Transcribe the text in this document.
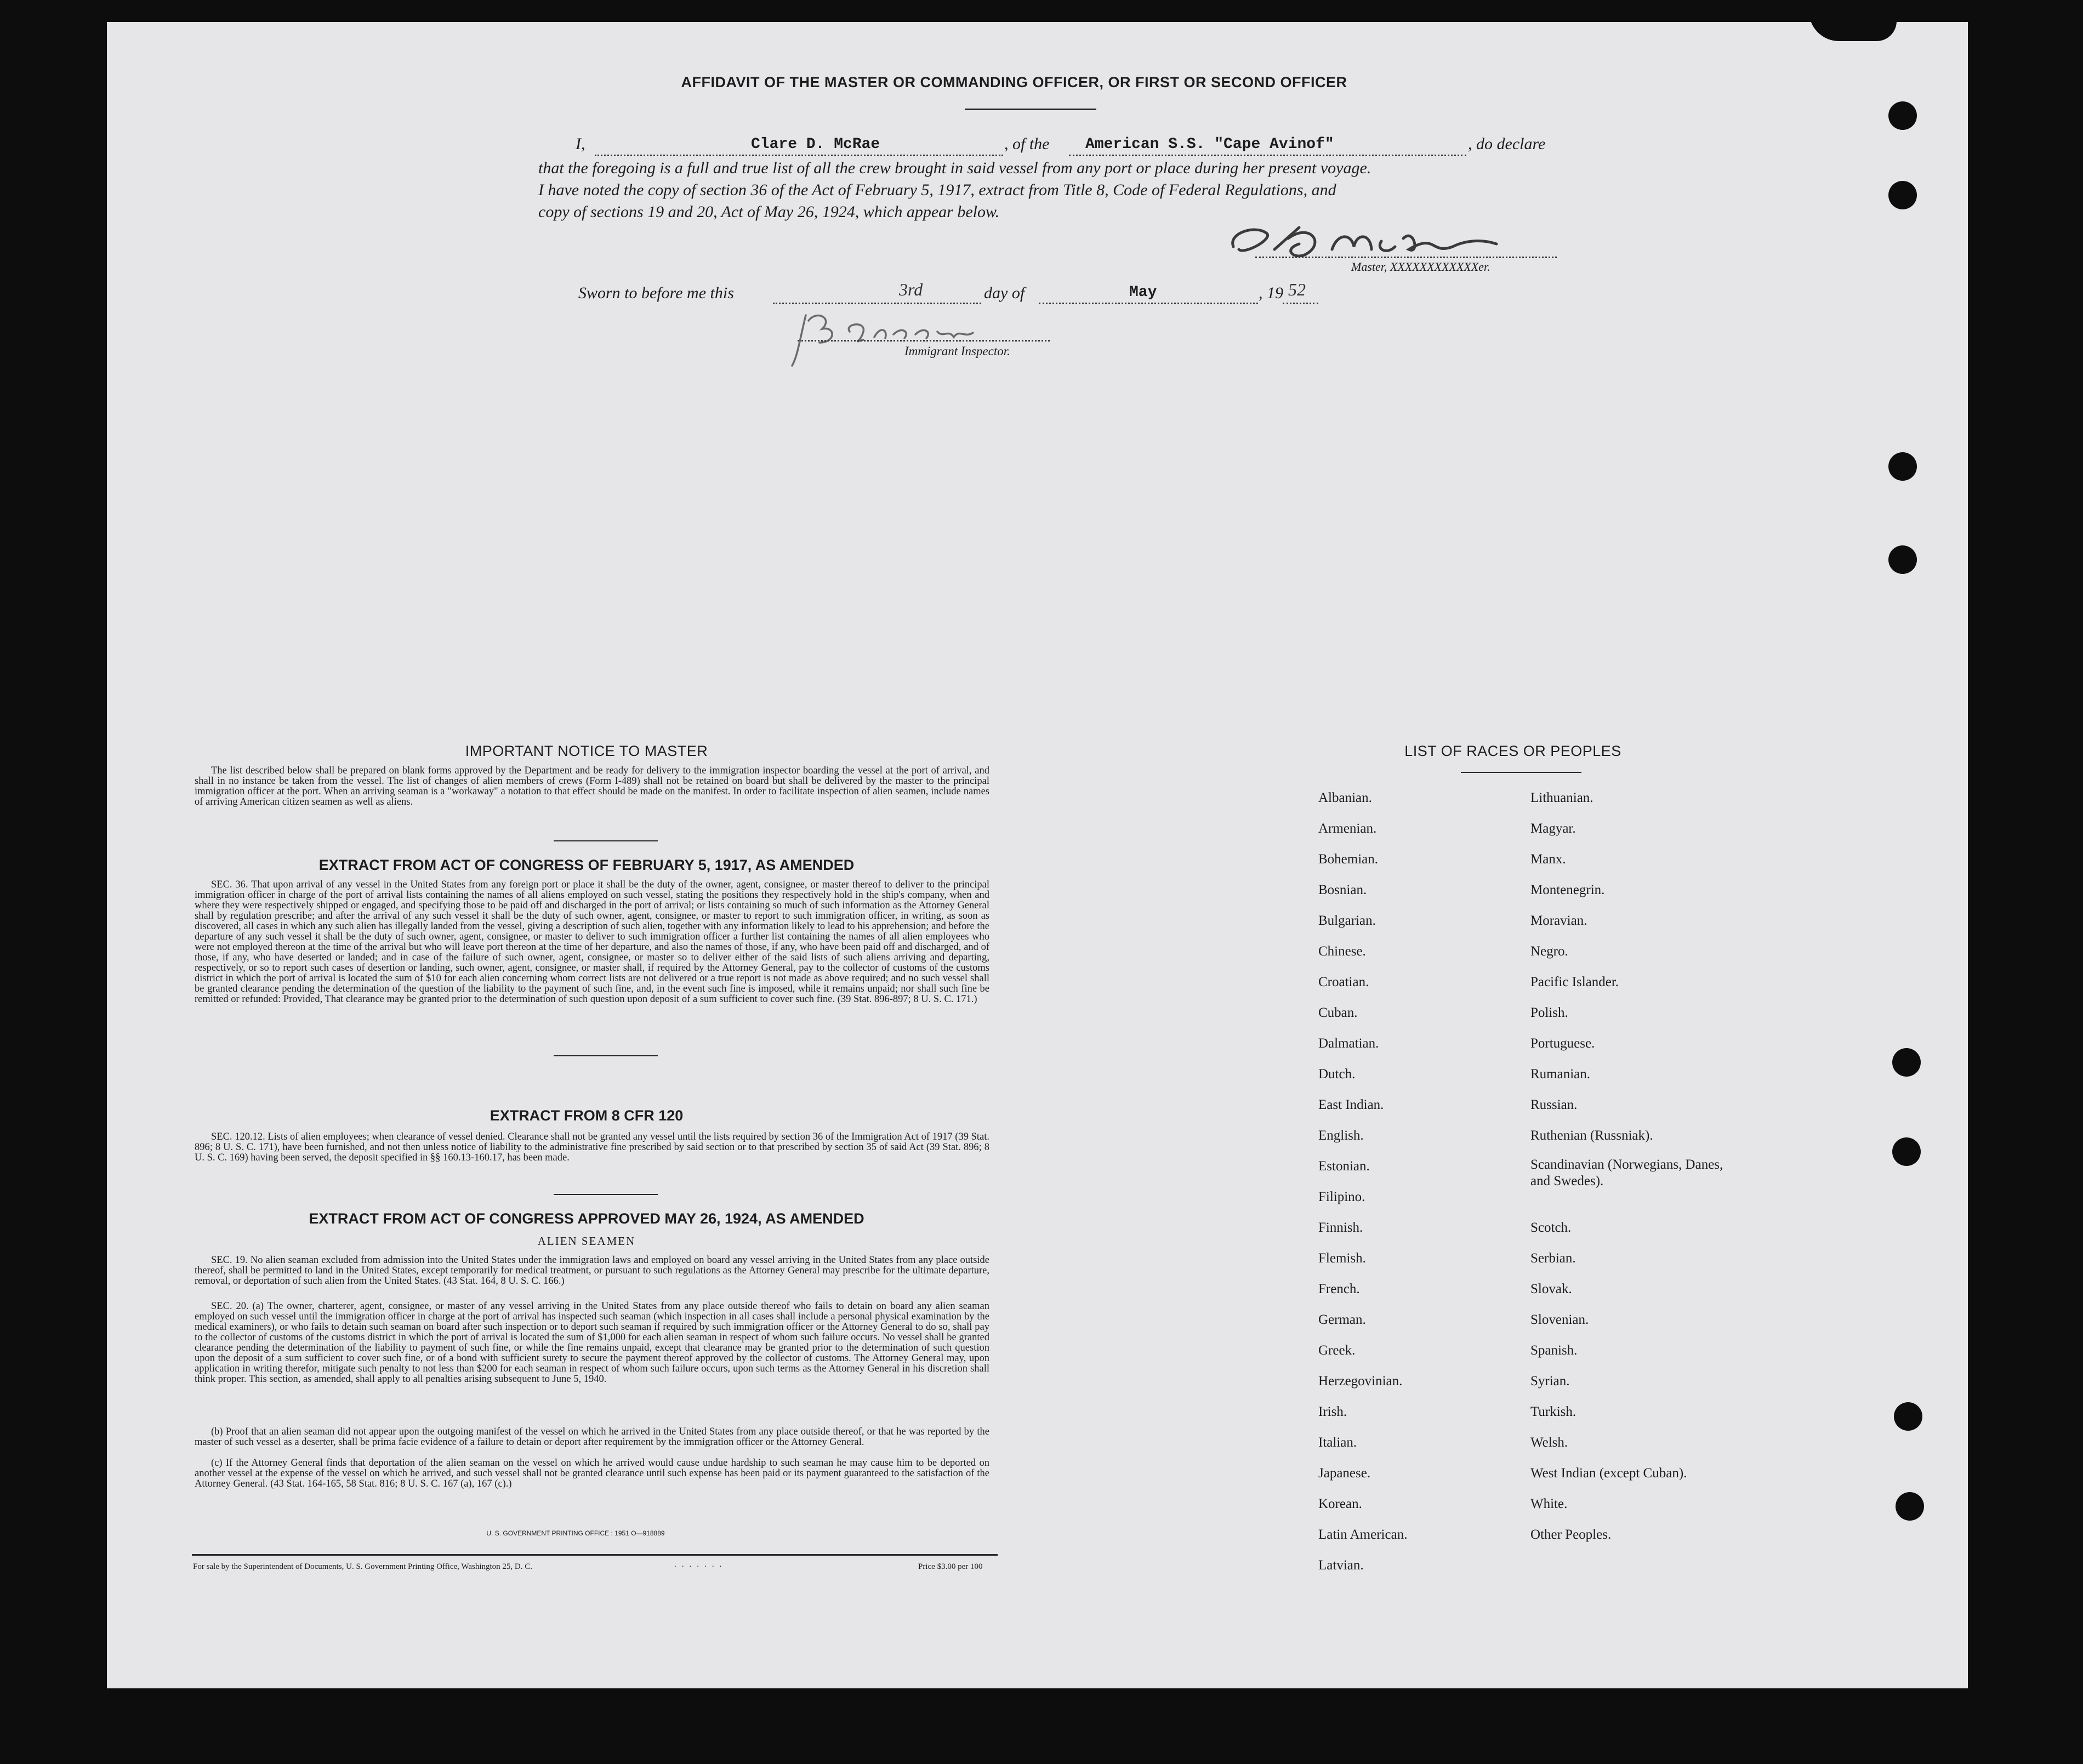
AFFIDAVIT OF THE MASTER OR COMMANDING OFFICER, OR FIRST OR SECOND OFFICER
I,	Clare D. McRae	, of the American S.S. "Cape Avinof"	, do declare
that the foregoing is a full and true list of all the crew brought in said vessel from any port or place during her present voyage.
I have noted the copy of section 36 of the Act of February 5, 1917, extract from Title 8, Code of Federal Regulations, and
copy of sections 19 and 20, Act of May 26, 1924, which appear below.
Master, XXXXXXXXXXXXer.
Sworn to before me this	3rd	day of	May	, 19 52
Immigrant Inspector.
IMPORTANT NOTICE TO MASTER
The list described below shall be prepared on blank forms approved by the Department and be ready for delivery to the immigration inspector boarding the vessel at the port of arrival, and shall in no instance be taken from the vessel. The list of changes of alien members of crews (Form I-489) shall not be retained on board but shall be delivered by the master to the principal immigration officer at the port. When an arriving seaman is a "workaway" a notation to that effect should be made on the manifest. In order to facilitate inspection of alien seamen, include names of arriving American citizen seamen as well as aliens.
EXTRACT FROM ACT OF CONGRESS OF FEBRUARY 5, 1917, AS AMENDED
SEC. 36. That upon arrival of any vessel in the United States from any foreign port or place it shall be the duty of the owner, agent, consignee, or master thereof to deliver to the principal immigration officer in charge of the port of arrival lists containing the names of all aliens employed on such vessel, stating the positions they respectively hold in the ship's company, when and where they were respectively shipped or engaged, and specifying those to be paid off and discharged in the port of arrival; or lists containing so much of such information as the Attorney General shall by regulation prescribe; and after the arrival of any such vessel it shall be the duty of such owner, agent, consignee, or master to report to such immigration officer, in writing, as soon as discovered, all cases in which any such alien has illegally landed from the vessel, giving a description of such alien, together with any information likely to lead to his apprehension; and before the departure of any such vessel it shall be the duty of such owner, agent, consignee, or master to deliver to such immigration officer a further list containing the names of all alien employees who were not employed thereon at the time of the arrival but who will leave port thereon at the time of her departure, and also the names of those, if any, who have been paid off and discharged, and of those, if any, who have deserted or landed; and in case of the failure of such owner, agent, consignee, or master so to deliver either of the said lists of such aliens arriving and departing, respectively, or so to report such cases of desertion or landing, such owner, agent, consignee, or master shall, if required by the Attorney General, pay to the collector of customs of the customs district in which the port of arrival is located the sum of $10 for each alien concerning whom correct lists are not delivered or a true report is not made as above required; and no such vessel shall be granted clearance pending the determination of the question of the liability to the payment of such fine, and, in the event such fine is imposed, while it remains unpaid; nor shall such fine be remitted or refunded: Provided, That clearance may be granted prior to the determination of such question upon deposit of a sum sufficient to cover such fine. (39 Stat. 896-897; 8 U. S. C. 171.)
EXTRACT FROM 8 CFR 120
SEC. 120.12. Lists of alien employees; when clearance of vessel denied. Clearance shall not be granted any vessel until the lists required by section 36 of the Immigration Act of 1917 (39 Stat. 896; 8 U. S. C. 171), have been furnished, and not then unless notice of liability to the administrative fine prescribed by said section or to that prescribed by section 35 of said Act (39 Stat. 896; 8 U. S. C. 169) having been served, the deposit specified in §§ 160.13-160.17, has been made.
EXTRACT FROM ACT OF CONGRESS APPROVED MAY 26, 1924, AS AMENDED
ALIEN SEAMEN
SEC. 19. No alien seaman excluded from admission into the United States under the immigration laws and employed on board any vessel arriving in the United States from any place outside thereof, shall be permitted to land in the United States, except temporarily for medical treatment, or pursuant to such regulations as the Attorney General may prescribe for the ultimate departure, removal, or deportation of such alien from the United States. (43 Stat. 164, 8 U. S. C. 166.)
SEC. 20. (a) The owner, charterer, agent, consignee, or master of any vessel arriving in the United States from any place outside thereof who fails to detain on board any alien seaman employed on such vessel until the immigration officer in charge at the port of arrival has inspected such seaman (which inspection in all cases shall include a personal physical examination by the medical examiners), or who fails to detain such seaman on board after such inspection or to deport such seaman if required by such immigration officer or the Attorney General to do so, shall pay to the collector of customs of the customs district in which the port of arrival is located the sum of $1,000 for each alien seaman in respect of whom such failure occurs. No vessel shall be granted clearance pending the determination of the liability to payment of such fine, or while the fine remains unpaid, except that clearance may be granted prior to the determination of such question upon the deposit of a sum sufficient to cover such fine, or of a bond with sufficient surety to secure the payment thereof approved by the collector of customs. The Attorney General may, upon application in writing therefor, mitigate such penalty to not less than $200 for each seaman in respect of whom such failure occurs, upon such terms as the Attorney General in his discretion shall think proper. This section, as amended, shall apply to all penalties arising subsequent to June 5, 1940.
(b) Proof that an alien seaman did not appear upon the outgoing manifest of the vessel on which he arrived in the United States from any place outside thereof, or that he was reported by the master of such vessel as a deserter, shall be prima facie evidence of a failure to detain or deport after requirement by the immigration officer or the Attorney General.
(c) If the Attorney General finds that deportation of the alien seaman on the vessel on which he arrived would cause undue hardship to such seaman he may cause him to be deported on another vessel at the expense of the vessel on which he arrived, and such vessel shall not be granted clearance until such expense has been paid or its payment guaranteed to the satisfaction of the Attorney General. (43 Stat. 164-165, 58 Stat. 816; 8 U. S. C. 167 (a), 167 (c).)
U. S. GOVERNMENT PRINTING OFFICE : 1951 O—918889
For sale by the Superintendent of Documents, U. S. Government Printing Office, Washington 25, D. C.	.......	Price $3.00 per 100
LIST OF RACES OR PEOPLES
Albanian.
Armenian.
Bohemian.
Bosnian.
Bulgarian.
Chinese.
Croatian.
Cuban.
Dalmatian.
Dutch.
East Indian.
English.
Estonian.
Filipino.
Finnish.
Flemish.
French.
German.
Greek.
Herzegovinian.
Irish.
Italian.
Japanese.
Korean.
Latin American.
Latvian.
Lithuanian.
Magyar.
Manx.
Montenegrin.
Moravian.
Negro.
Pacific Islander.
Polish.
Portuguese.
Rumanian.
Russian.
Ruthenian (Russniak).
Scandinavian (Norwegians, Danes, and Swedes).
Scotch.
Serbian.
Slovak.
Slovenian.
Spanish.
Syrian.
Turkish.
Welsh.
West Indian (except Cuban).
White.
Other Peoples.
